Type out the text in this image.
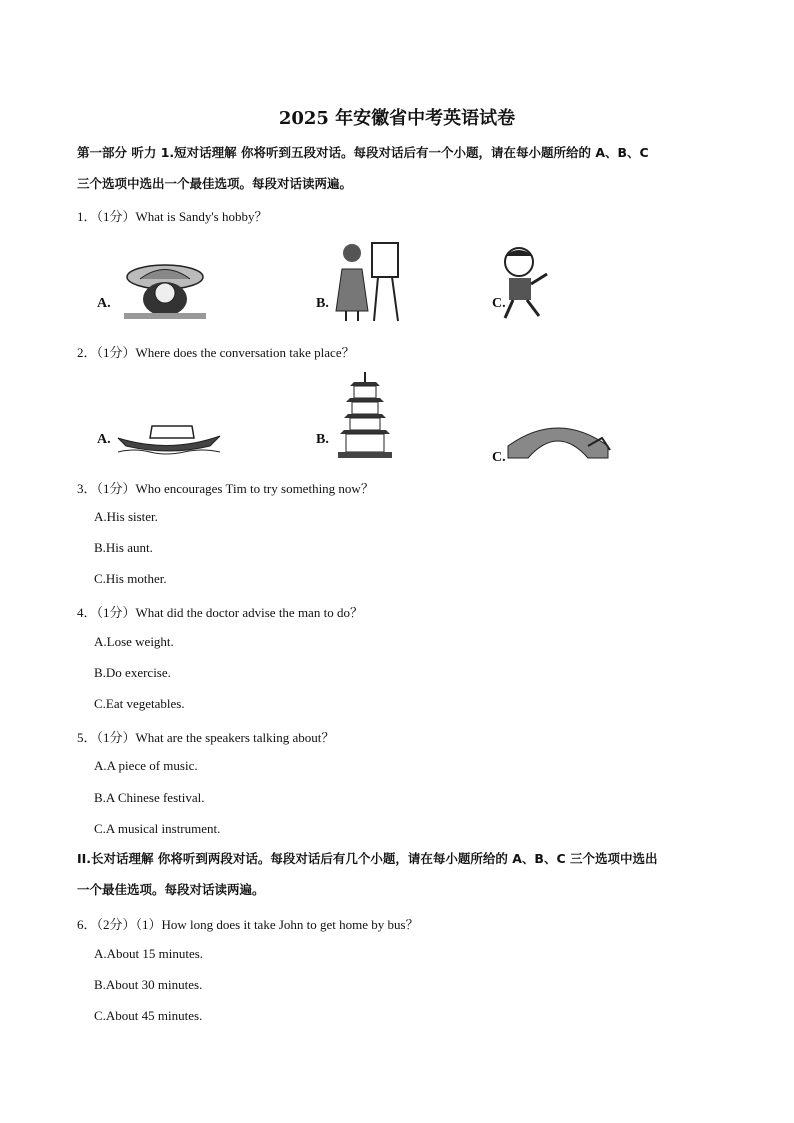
2025 年安徽省中考英语试卷
第一部分 听力 1.短对话理解 你将听到五段对话。每段对话后有一个小题，请在每小题所给的 A、B、C
三个选项中选出一个最佳选项。每段对话读两遍。
1．（1分）What is Sandy's hobby？
A.	B.	C.
2．（1分）Where does the conversation take place？
A.	B.
C.
3．（1分）Who encourages Tim to try something now？
A.His sister.
B.His aunt.
C.His mother.
4．（1分）What did the doctor advise the man to do？
A.Lose weight.
B.Do exercise.
C.Eat vegetables.
5．（1分）What are the speakers talking about？
A.A piece of music.
B.A Chinese festival.
C.A musical instrument.
II.长对话理解 你将听到两段对话。每段对话后有几个小题，请在每小题所给的 A、B、C 三个选项中选出
一个最佳选项。每段对话读两遍。
6．（2分）（1）How long does it take John to get home by bus？
A.About 15 minutes.
B.About 30 minutes.
C.About 45 minutes.
